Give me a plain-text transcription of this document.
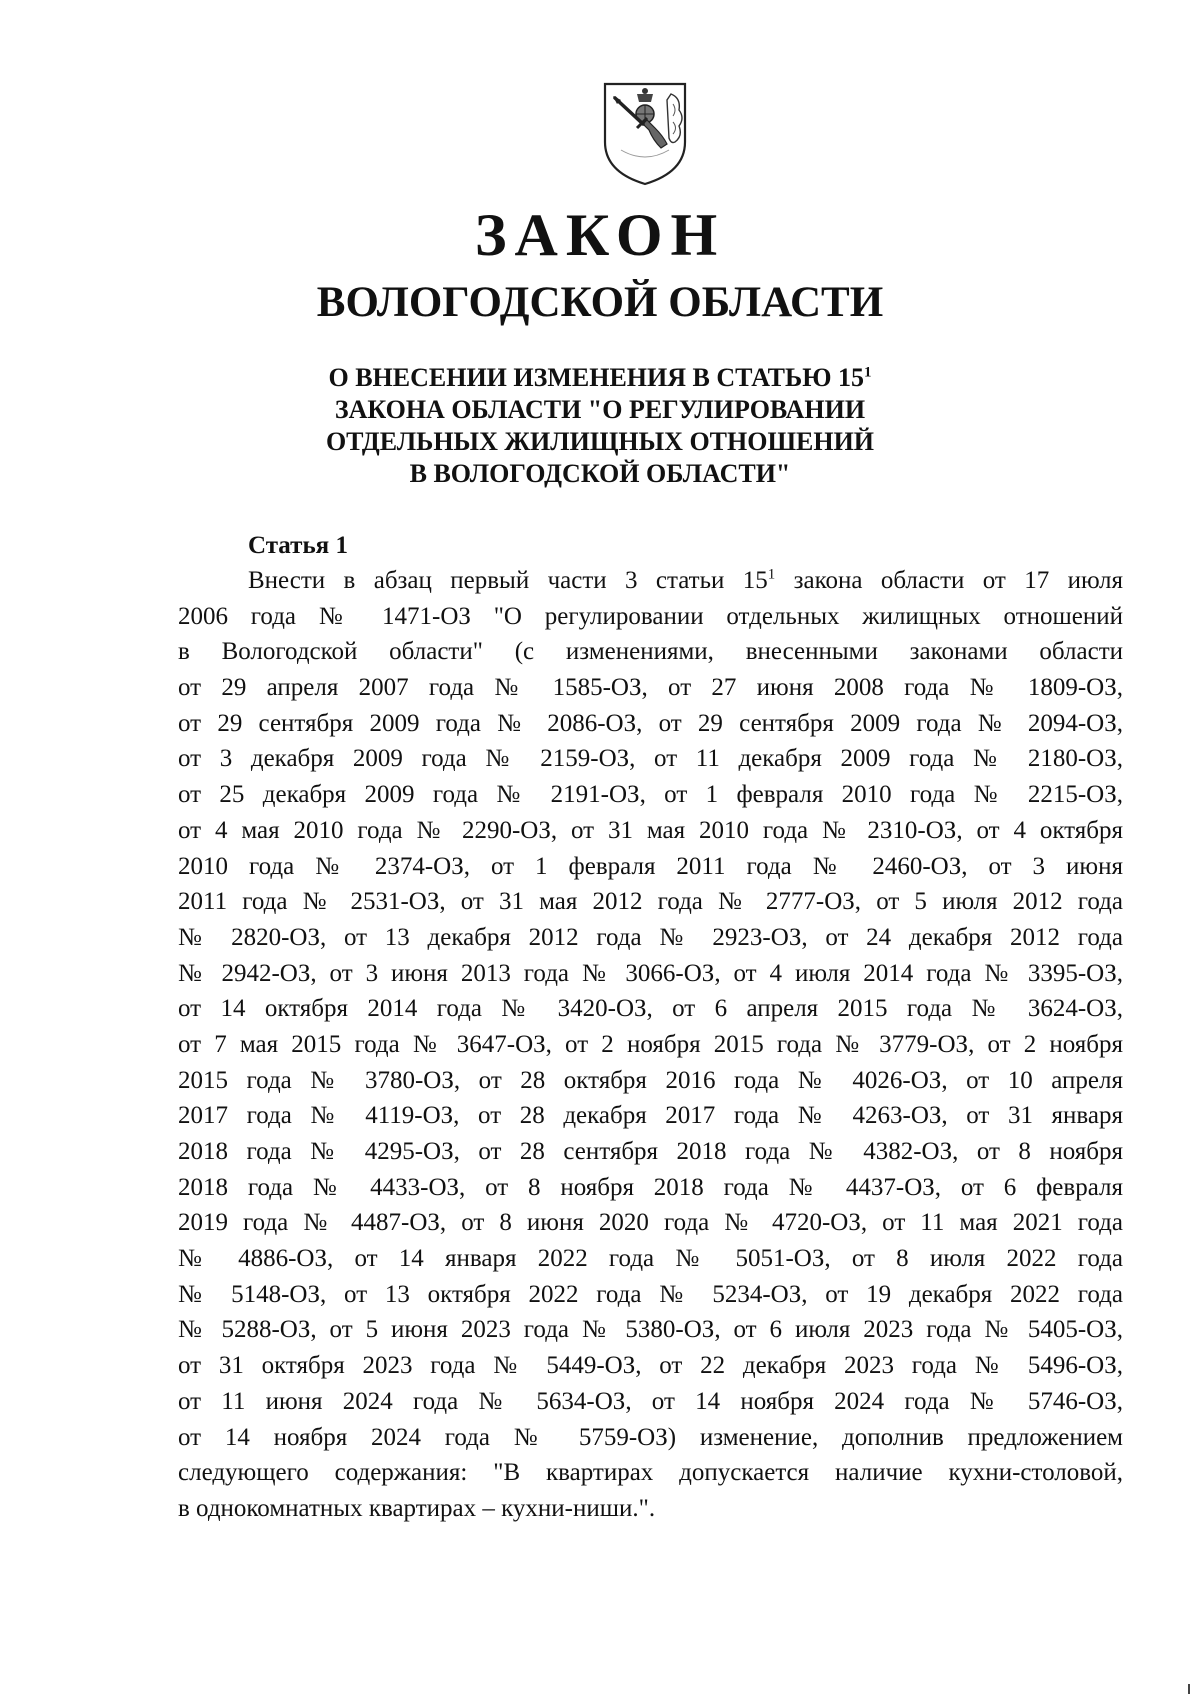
ЗАКОН
ВОЛОГОДСКОЙ ОБЛАСТИ
О ВНЕСЕНИИ ИЗМЕНЕНИЯ В СТАТЬЮ $15^1$
ЗАКОНА ОБЛАСТИ "О РЕГУЛИРОВАНИИ
ОТДЕЛЬНЫХ ЖИЛИЩНЫХ ОТНОШЕНИЙ
В ВОЛОГОДСКОЙ ОБЛАСТИ"
Статья 1
Внести в абзац первый части 3 статьи $15^1$ закона области от 17 июля
2006 года № 1471-ОЗ "О регулировании отдельных жилищных отношений
в Вологодской области" (с изменениями, внесенными законами области
от 29 апреля 2007 года № 1585-ОЗ, от 27 июня 2008 года № 1809-ОЗ,
от 29 сентября 2009 года № 2086-ОЗ, от 29 сентября 2009 года № 2094-ОЗ,
от 3 декабря 2009 года № 2159-ОЗ, от 11 декабря 2009 года № 2180-ОЗ,
от 25 декабря 2009 года № 2191-ОЗ, от 1 февраля 2010 года № 2215-ОЗ,
от 4 мая 2010 года № 2290-ОЗ, от 31 мая 2010 года № 2310-ОЗ, от 4 октября
2010 года № 2374-ОЗ, от 1 февраля 2011 года № 2460-ОЗ, от 3 июня
2011 года № 2531-ОЗ, от 31 мая 2012 года № 2777-ОЗ, от 5 июля 2012 года
№ 2820-ОЗ, от 13 декабря 2012 года № 2923-ОЗ, от 24 декабря 2012 года
№ 2942-ОЗ, от 3 июня 2013 года № 3066-ОЗ, от 4 июля 2014 года № 3395-ОЗ,
от 14 октября 2014 года № 3420-ОЗ, от 6 апреля 2015 года № 3624-ОЗ,
от 7 мая 2015 года № 3647-ОЗ, от 2 ноября 2015 года № 3779-ОЗ, от 2 ноября
2015 года № 3780-ОЗ, от 28 октября 2016 года № 4026-ОЗ, от 10 апреля
2017 года № 4119-ОЗ, от 28 декабря 2017 года № 4263-ОЗ, от 31 января
2018 года № 4295-ОЗ, от 28 сентября 2018 года № 4382-ОЗ, от 8 ноября
2018 года № 4433-ОЗ, от 8 ноября 2018 года № 4437-ОЗ, от 6 февраля
2019 года № 4487-ОЗ, от 8 июня 2020 года № 4720-ОЗ, от 11 мая 2021 года
№ 4886-ОЗ, от 14 января 2022 года № 5051-ОЗ, от 8 июля 2022 года
№ 5148-ОЗ, от 13 октября 2022 года № 5234-ОЗ, от 19 декабря 2022 года
№ 5288-ОЗ, от 5 июня 2023 года № 5380-ОЗ, от 6 июля 2023 года № 5405-ОЗ,
от 31 октября 2023 года № 5449-ОЗ, от 22 декабря 2023 года № 5496-ОЗ,
от 11 июня 2024 года № 5634-ОЗ, от 14 ноября 2024 года № 5746-ОЗ,
от 14 ноября 2024 года № 5759-ОЗ) изменение, дополнив предложением
следующего содержания: "В квартирах допускается наличие кухни-столовой,
в однокомнатных квартирах – кухни-ниши.".
